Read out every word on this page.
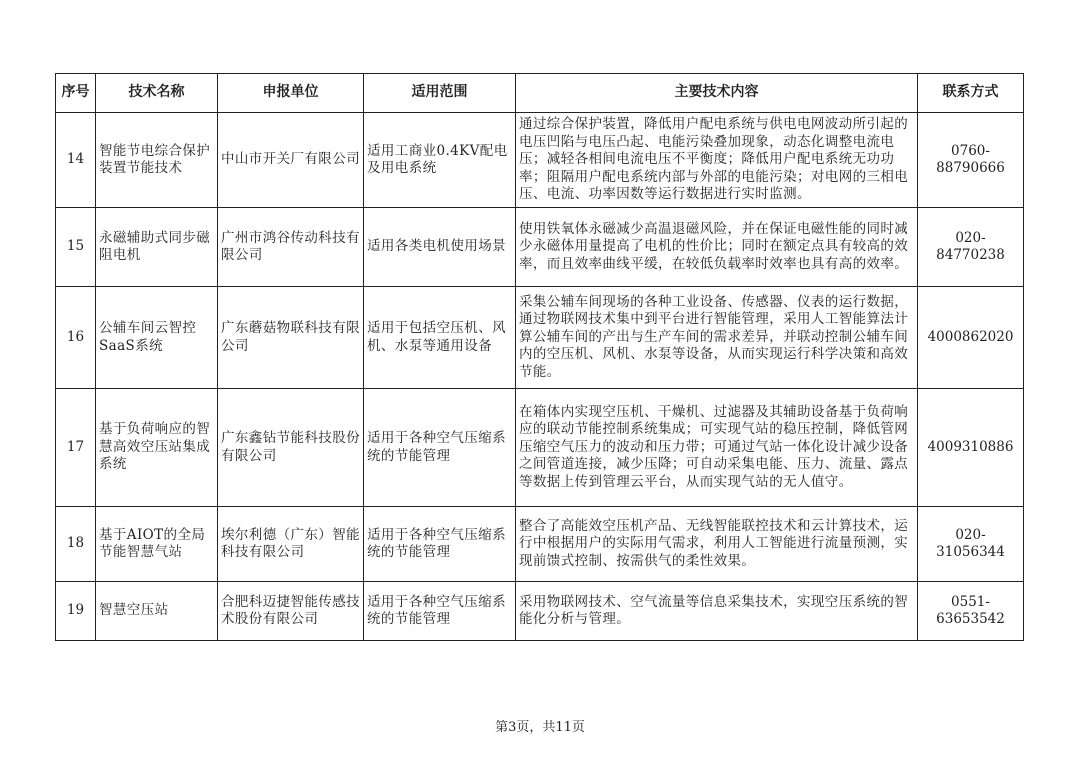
序号	技术名称	申报单位	适用范围	主要技术内容	联系方式
14	智能节电综合保护装置节能技术	中山市开关厂有限公司	适用工商业0.4KV配电及用电系统	通过综合保护装置，降低用户配电系统与供电电网波动所引起的电压凹陷与电压凸起、电能污染叠加现象，动态化调整电流电压；减轻各相间电流电压不平衡度；降低用户配电系统无功功率；阻隔用户配电系统内部与外部的电能污染；对电网的三相电压、电流、功率因数等运行数据进行实时监测。	0760-88790666
15	永磁辅助式同步磁阻电机	广州市鸿谷传动科技有限公司	适用各类电机使用场景	使用铁氧体永磁减少高温退磁风险，并在保证电磁性能的同时减少永磁体用量提高了电机的性价比；同时在额定点具有较高的效率，而且效率曲线平缓，在较低负载率时效率也具有高的效率。	020-84770238
16	公辅车间云智控SaaS系统	广东蘑菇物联科技有限公司	适用于包括空压机、风机、水泵等通用设备	采集公辅车间现场的各种工业设备、传感器、仪表的运行数据，通过物联网技术集中到平台进行智能管理，采用人工智能算法计算公辅车间的产出与生产车间的需求差异，并联动控制公辅车间内的空压机、风机、水泵等设备，从而实现运行科学决策和高效节能。	4000862020
17	基于负荷响应的智慧高效空压站集成系统	广东鑫钻节能科技股份有限公司	适用于各种空气压缩系统的节能管理	在箱体内实现空压机、干燥机、过滤器及其辅助设备基于负荷响应的联动节能控制系统集成；可实现气站的稳压控制，降低管网压缩空气压力的波动和压力带；可通过气站一体化设计减少设备之间管道连接，减少压降；可自动采集电能、压力、流量、露点等数据上传到管理云平台，从而实现气站的无人值守。	4009310886
18	基于AIOT的全局节能智慧气站	埃尔利德（广东）智能科技有限公司	适用于各种空气压缩系统的节能管理	整合了高能效空压机产品、无线智能联控技术和云计算技术，运行中根据用户的实际用气需求，利用人工智能进行流量预测，实现前馈式控制、按需供气的柔性效果。	020-31056344
19	智慧空压站	合肥科迈捷智能传感技术股份有限公司	适用于各种空气压缩系统的节能管理	采用物联网技术、空气流量等信息采集技术，实现空压系统的智能化分析与管理。	0551-63653542
第3页，共11页
